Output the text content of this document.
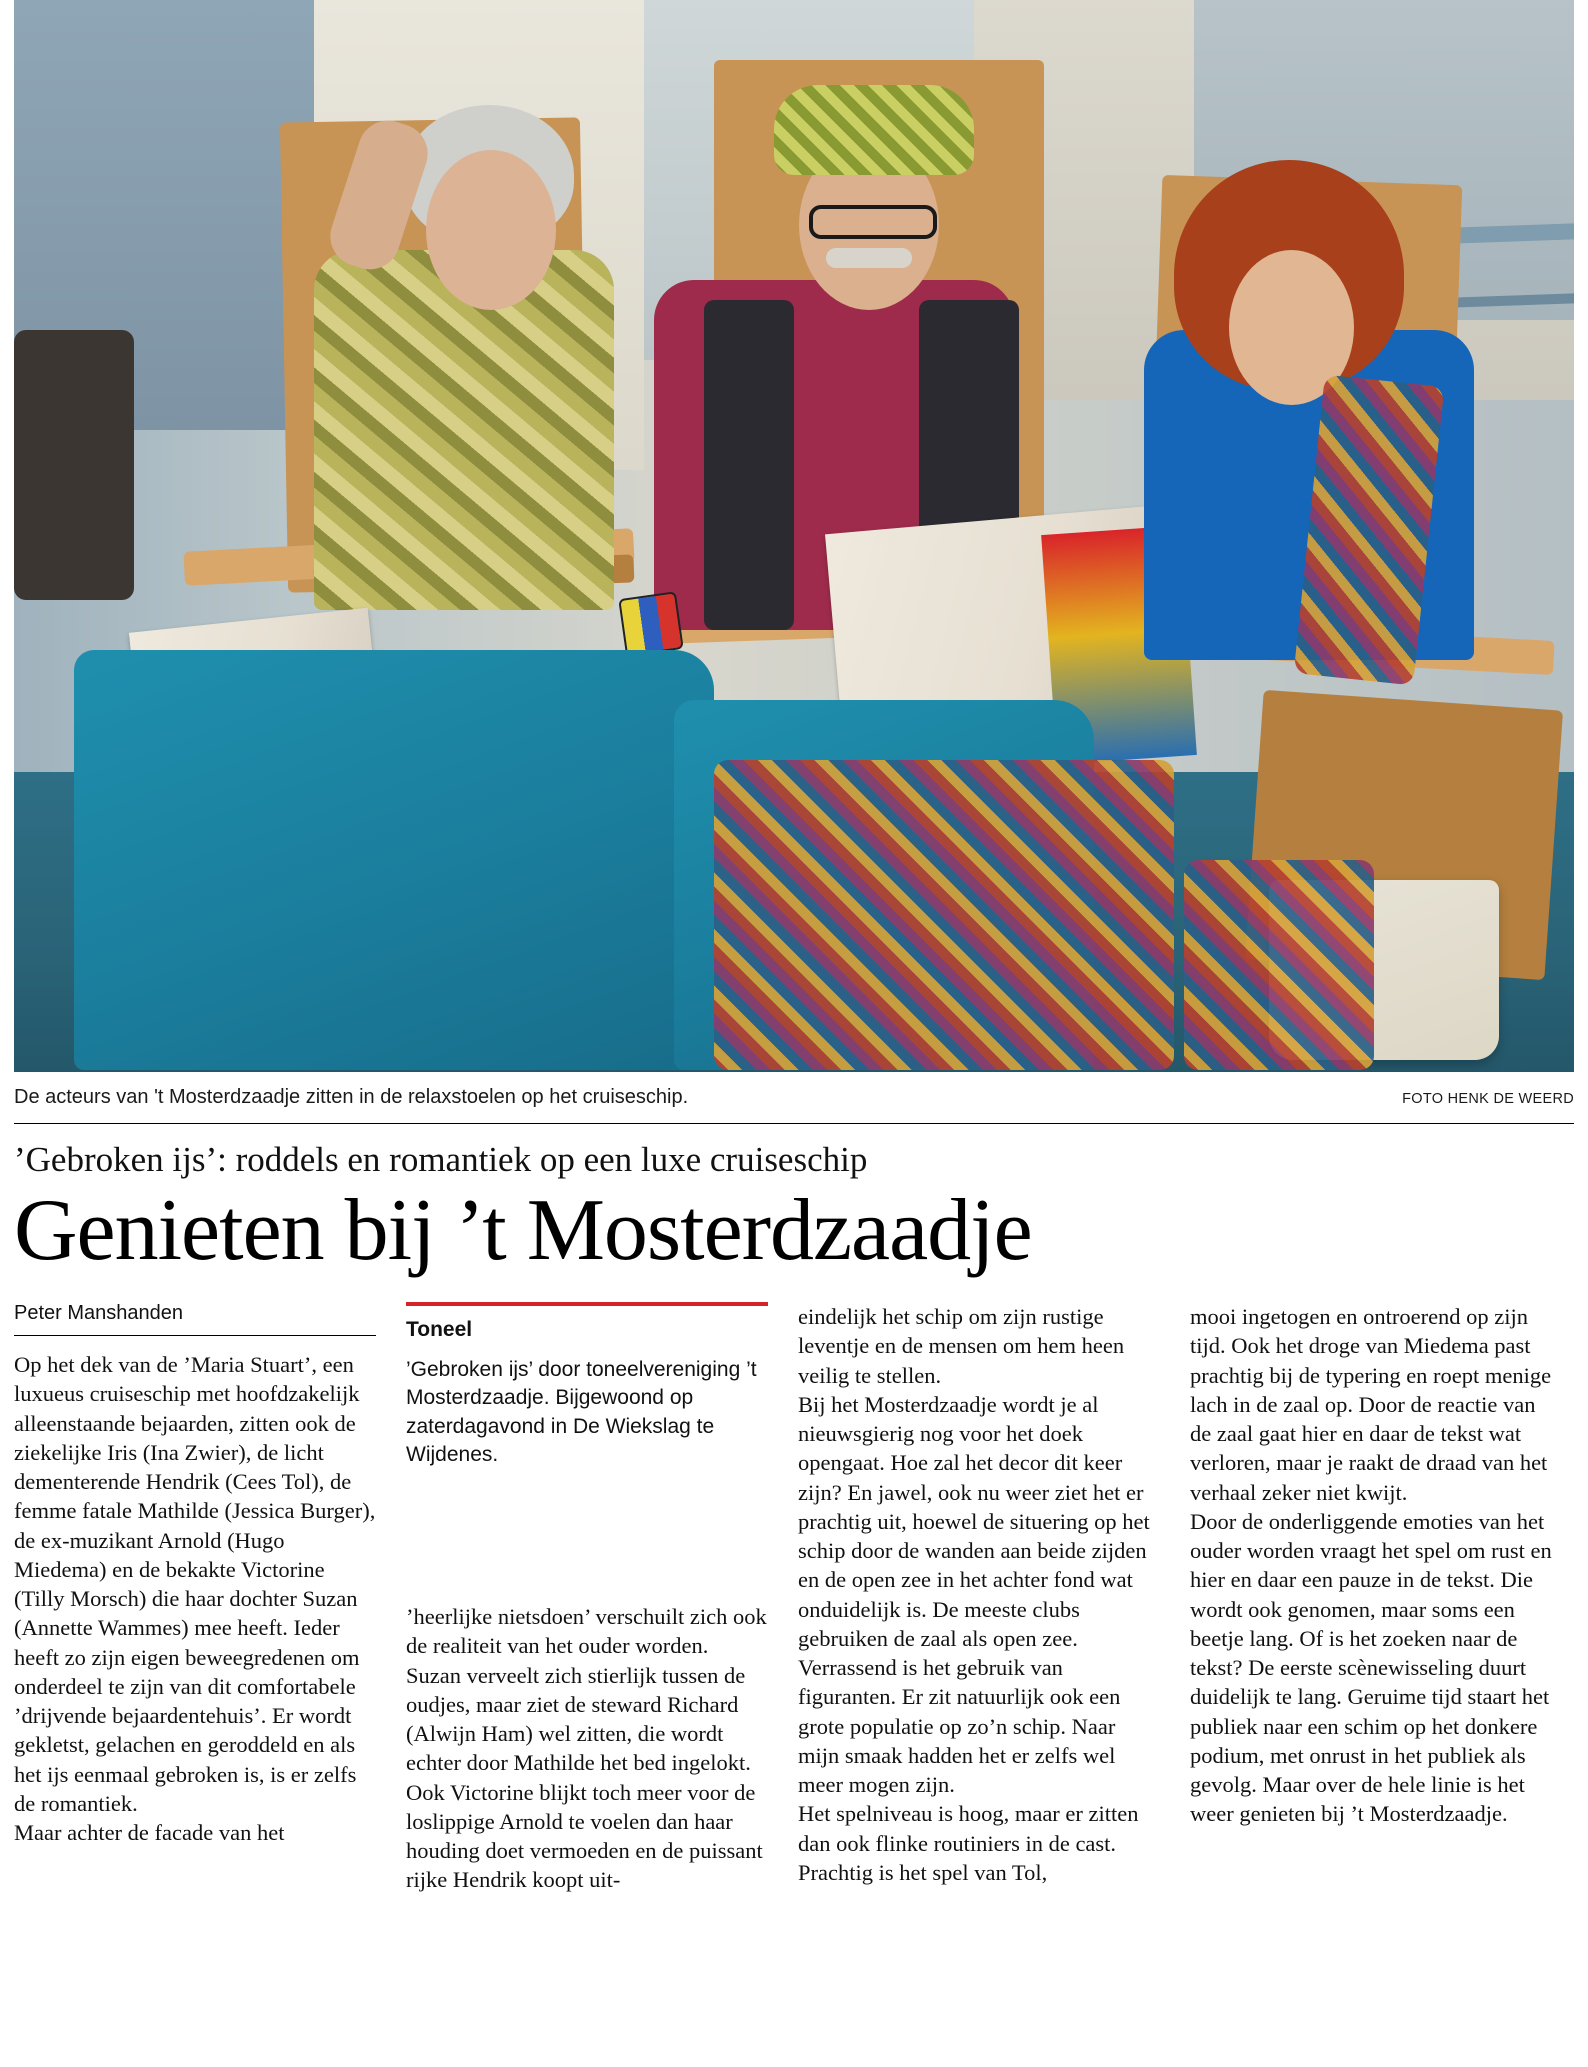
De acteurs van 't Mosterdzaadje zitten in de relaxstoelen op het cruiseschip.	FOTO HENK DE WEERD
’Gebroken ijs’: roddels en romantiek op een luxe cruiseschip
Genieten bij ’t Mosterdzaadje
Peter Manshanden

Op het dek van de ’Maria Stuart’, een luxueus cruiseschip met hoofdzakelijk alleenstaande bejaarden, zitten ook de ziekelijke Iris (Ina Zwier), de licht dementerende Hendrik (Cees Tol), de femme fatale Mathilde (Jessica Burger), de ex-muzikant Arnold (Hugo Miedema) en de bekakte Victorine (Tilly Morsch) die haar dochter Suzan (Annette Wammes) mee heeft. Ieder heeft zo zijn eigen beweegredenen om onderdeel te zijn van dit comfortabele ’drijvende bejaardentehuis’. Er wordt gekletst, gelachen en geroddeld en als het ijs eenmaal gebroken is, is er zelfs de romantiek.

Maar achter de facade van het

Toneel
’Gebroken ijs’ door toneelvereniging ’t Mosterdzaadje. Bijgewoond op zaterdagavond in De Wiekslag te Wijdenes.

’heerlijke nietsdoen’ verschuilt zich ook de realiteit van het ouder worden. Suzan verveelt zich stierlijk tussen de oudjes, maar ziet de steward Richard (Alwijn Ham) wel zitten, die wordt echter door Mathilde het bed ingelokt. Ook Victorine blijkt toch meer voor de loslippige Arnold te voelen dan haar houding doet vermoeden en de puissant rijke Hendrik koopt uit-

eindelijk het schip om zijn rustige leventje en de mensen om hem heen veilig te stellen.

Bij het Mosterdzaadje wordt je al nieuwsgierig nog voor het doek opengaat. Hoe zal het decor dit keer zijn? En jawel, ook nu weer ziet het er prachtig uit, hoewel de situering op het schip door de wanden aan beide zijden en de open zee in het achter fond wat onduidelijk is. De meeste clubs gebruiken de zaal als open zee. Verrassend is het gebruik van figuranten. Er zit natuurlijk ook een grote populatie op zo’n schip. Naar mijn smaak hadden het er zelfs wel meer mogen zijn.

Het spelniveau is hoog, maar er zitten dan ook flinke routiniers in de cast. Prachtig is het spel van Tol,

mooi ingetogen en ontroerend op zijn tijd. Ook het droge van Miedema past prachtig bij de typering en roept menige lach in de zaal op. Door de reactie van de zaal gaat hier en daar de tekst wat verloren, maar je raakt de draad van het verhaal zeker niet kwijt.

Door de onderliggende emoties van het ouder worden vraagt het spel om rust en hier en daar een pauze in de tekst. Die wordt ook genomen, maar soms een beetje lang. Of is het zoeken naar de tekst? De eerste scènewisseling duurt duidelijk te lang. Geruime tijd staart het publiek naar een schim op het donkere podium, met onrust in het publiek als gevolg. Maar over de hele linie is het weer genieten bij ’t Mosterdzaadje.
